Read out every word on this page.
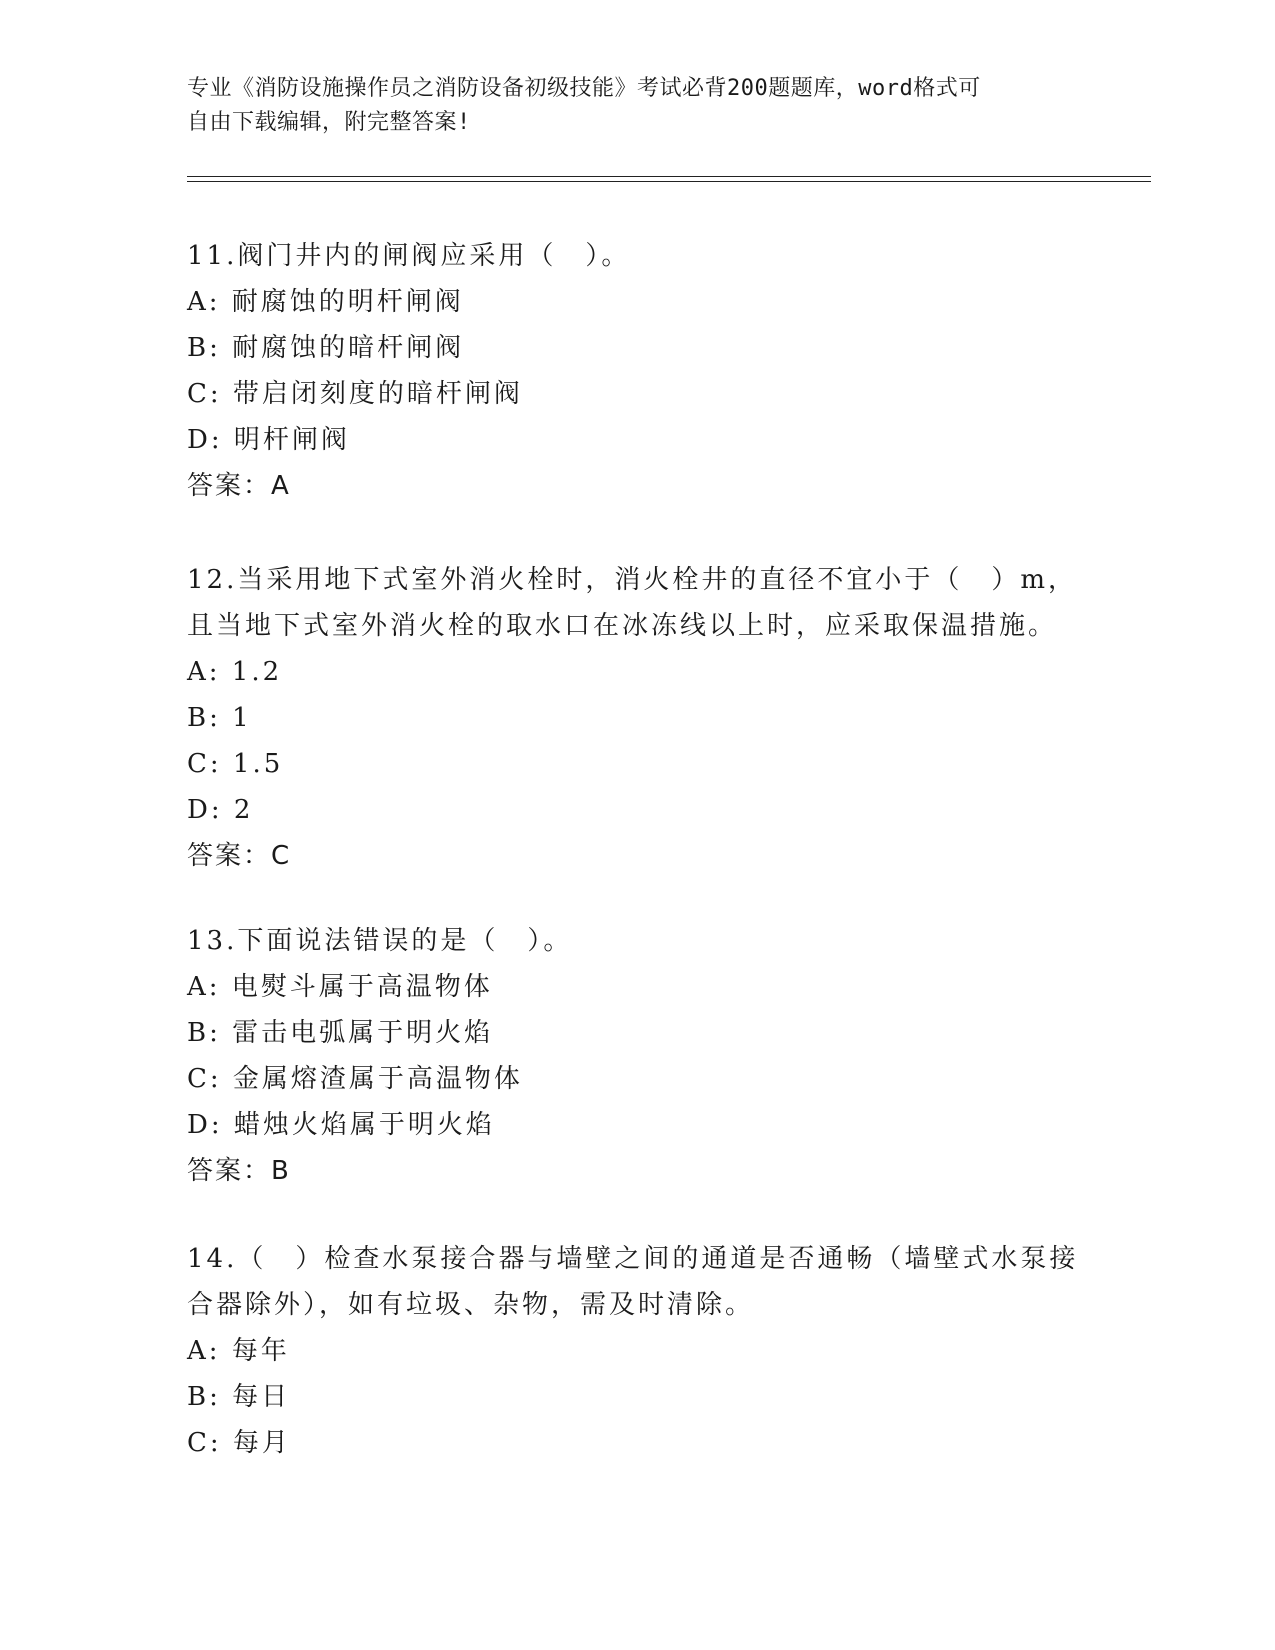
专业《消防设施操作员之消防设备初级技能》考试必背200题题库，word格式可
自由下载编辑，附完整答案!
11.阀门井内的闸阀应采用（　）。
A: 耐腐蚀的明杆闸阀
B: 耐腐蚀的暗杆闸阀
C: 带启闭刻度的暗杆闸阀
D: 明杆闸阀
答案：A
12.当采用地下式室外消火栓时，消火栓井的直径不宜小于（　）m，
且当地下式室外消火栓的取水口在冰冻线以上时，应采取保温措施。
A: 1.2
B: 1
C: 1.5
D: 2
答案：C
13.下面说法错误的是（　）。
A: 电熨斗属于高温物体
B: 雷击电弧属于明火焰
C: 金属熔渣属于高温物体
D: 蜡烛火焰属于明火焰
答案：B
14.（　）检查水泵接合器与墙壁之间的通道是否通畅（墙壁式水泵接
合器除外），如有垃圾、杂物，需及时清除。
A: 每年
B: 每日
C: 每月
